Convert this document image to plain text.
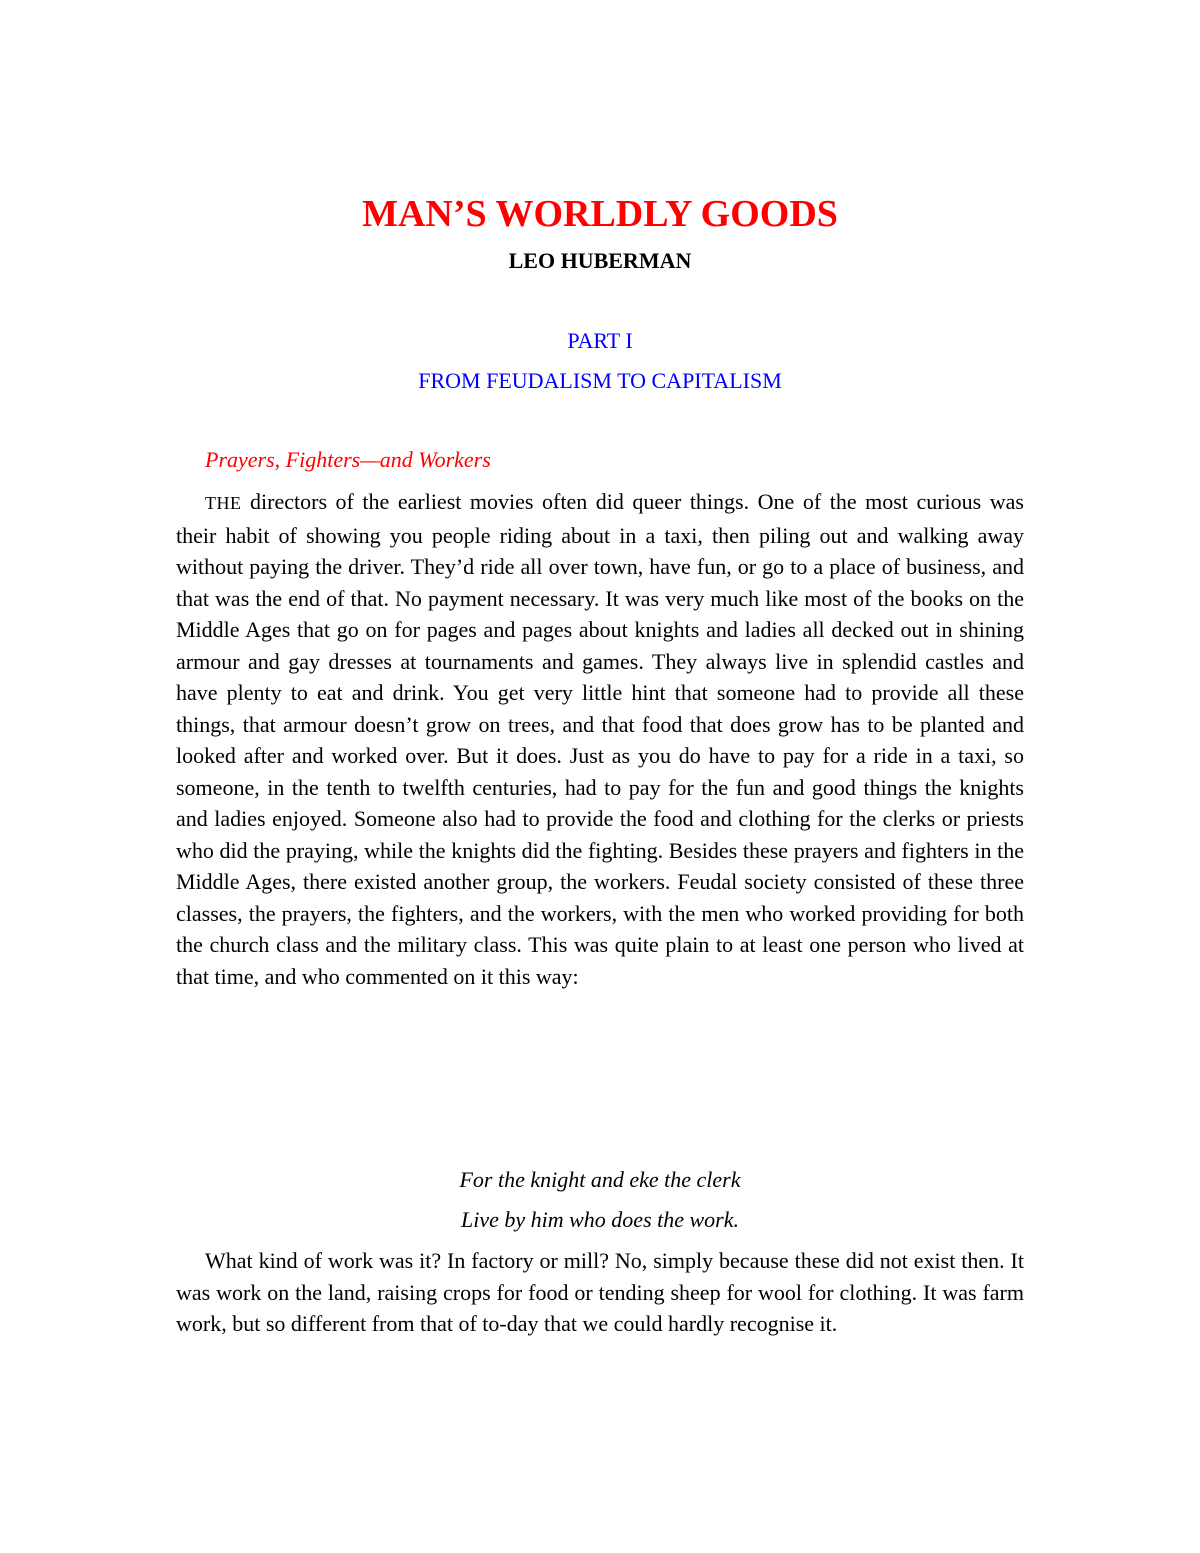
MAN’S WORLDLY GOODS
LEO HUBERMAN
PART I
FROM FEUDALISM TO CAPITALISM
Prayers, Fighters—and Workers

THE directors of the earliest movies often did queer things. One of the most curious was their habit of showing you people riding about in a taxi, then piling out and walking away without paying the driver. They’d ride all over town, have fun, or go to a place of business, and that was the end of that. No payment necessary. It was very much like most of the books on the Middle Ages that go on for pages and pages about knights and ladies all decked out in shining armour and gay dresses at tournaments and games. They always live in splendid castles and have plenty to eat and drink. You get very little hint that someone had to provide all these things, that armour doesn’t grow on trees, and that food that does grow has to be planted and looked after and worked over. But it does. Just as you do have to pay for a ride in a taxi, so someone, in the tenth to twelfth centuries, had to pay for the fun and good things the knights and ladies enjoyed. Someone also had to provide the food and clothing for the clerks or priests who did the praying, while the knights did the fighting. Besides these prayers and fighters in the Middle Ages, there existed another group, the workers. Feudal society consisted of these three classes, the prayers, the fighters, and the workers, with the men who worked providing for both the church class and the military class. This was quite plain to at least one person who lived at that time, and who commented on it this way:

For the knight and eke the clerk
Live by him who does the work.

What kind of work was it? In factory or mill? No, simply because these did not exist then. It was work on the land, raising crops for food or tending sheep for wool for clothing. It was farm work, but so different from that of to-day that we could hardly recognise it.
